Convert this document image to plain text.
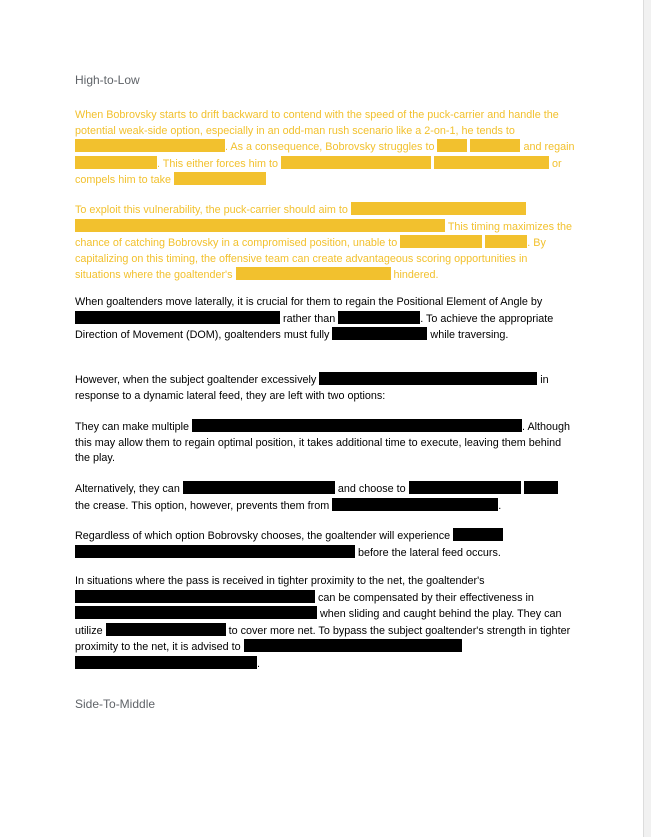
High-to-Low

When Bobrovsky starts to drift backward to contend with the speed of the puck-carrier and handle the potential weak-side option, especially in an odd-man rush scenario like a 2-on-1, he tends to . As a consequence, Bobrovsky struggles to	and regain . This either forces him to	or compels him to take

To exploit this vulnerability, the puck-carrier should aim to   This timing maximizes the chance of catching Bobrovsky in a compromised position, unable to	. By capitalizing on this timing, the offensive team can create advantageous scoring opportunities in situations where the goaltender's	hindered.

When goaltenders move laterally, it is crucial for them to regain the Positional Element of Angle by  rather than	. To achieve the appropriate Direction of Movement (DOM), goaltenders must fully	while traversing.

However, when the subject goaltender excessively	in response to a dynamic lateral feed, they are left with two options:

They can make multiple	. Although this may allow them to regain optimal position, it takes additional time to execute, leaving them behind the play.

Alternatively, they can	and choose to   the crease. This option, however, prevents them from	.

Regardless of which option Bobrovsky chooses, the goaltender will experience   before the lateral feed occurs.

In situations where the pass is received in tighter proximity to the net, the goaltender's  can be compensated by their effectiveness in  when sliding and caught behind the play. They can utilize	to cover more net. To bypass the subject goaltender's strength in tighter proximity to the net, it is advised to  .

Side-To-Middle
